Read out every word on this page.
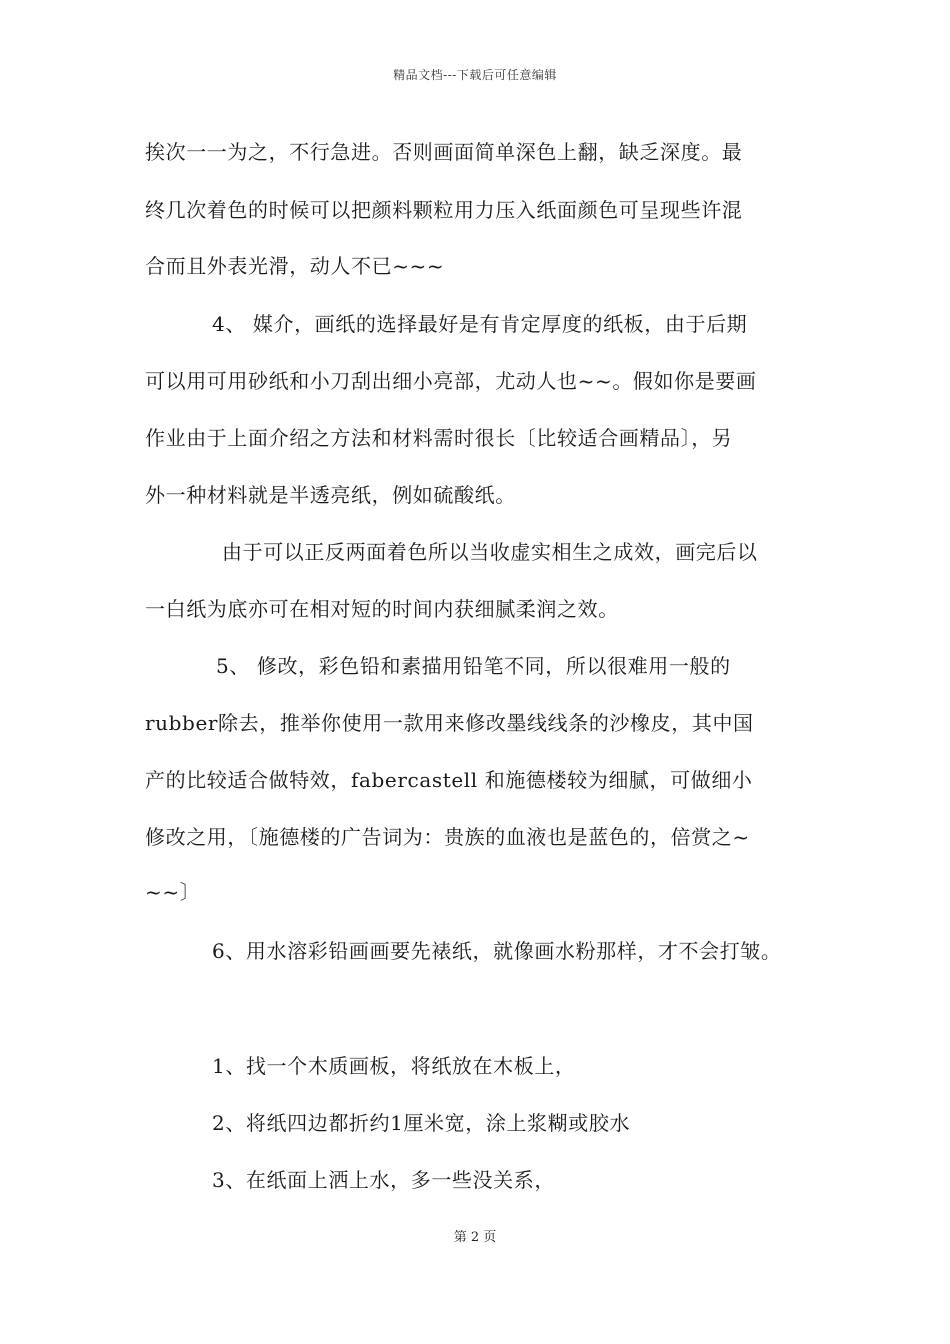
精品文档---下载后可任意编辑
挨次一一为之，不行急进。否则画面简单深色上翻，缺乏深度。最
终几次着色的时候可以把颜料颗粒用力压入纸面颜色可呈现些许混
合而且外表光滑，动人不已~~~
4、 媒介，画纸的选择最好是有肯定厚度的纸板，由于后期
可以用可用砂纸和小刀刮出细小亮部，尤动人也~~。假如你是要画
作业由于上面介绍之方法和材料需时很长〔比较适合画精品〕，另
外一种材料就是半透亮纸，例如硫酸纸。
由于可以正反两面着色所以当收虚实相生之成效，画完后以
一白纸为底亦可在相对短的时间内获细腻柔润之效。
5、 修改，彩色铅和素描用铅笔不同，所以很难用一般的
rubber除去，推举你使用一款用来修改墨线线条的沙橡皮，其中国
产的比较适合做特效，fabercastell 和施德楼较为细腻，可做细小
修改之用，〔施德楼的广告词为：贵族的血液也是蓝色的，倍赏之~
~~〕
6、用水溶彩铅画画要先裱纸，就像画水粉那样，才不会打皱。
1、找一个木质画板，将纸放在木板上，
2、将纸四边都折约1厘米宽，涂上浆糊或胶水
3、在纸面上洒上水，多一些没关系，
第 2 页
